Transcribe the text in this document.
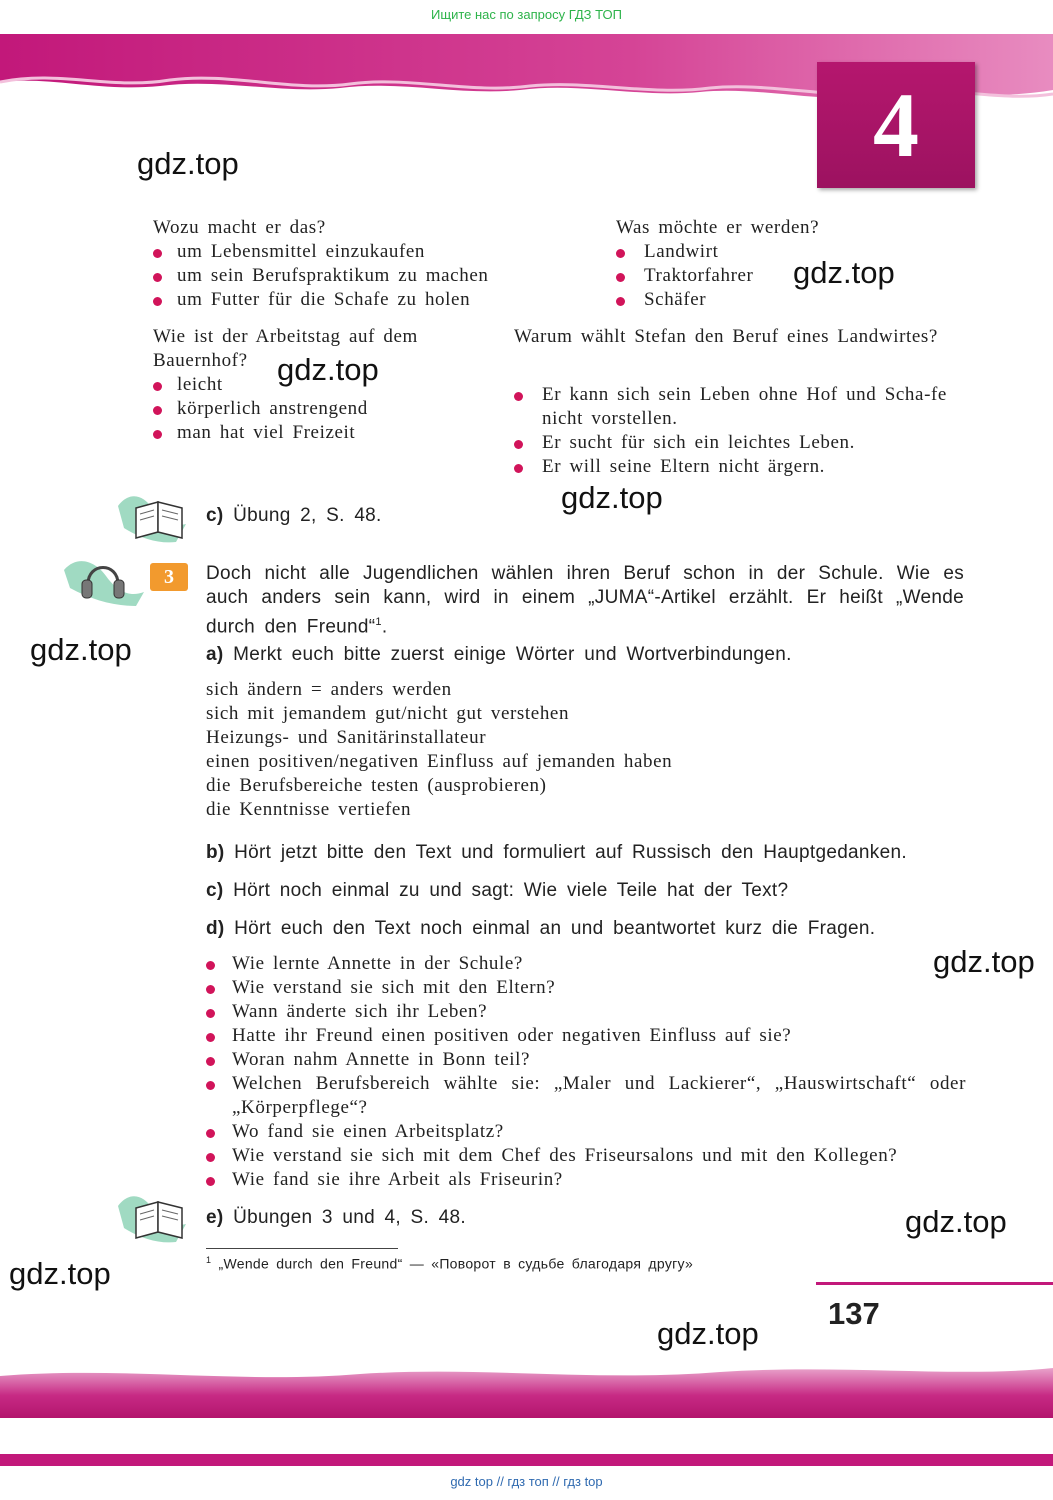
Ищите нас по запросу ГДЗ ТОП
4
gdz.top
gdz.top
gdz.top
gdz.top
gdz.top
gdz.top
gdz.top
gdz.top
gdz.top
Wozu macht er das?
um Lebensmittel einzukaufen
um sein Berufspraktikum zu machen
um Futter für die Schafe zu holen
Was möchte er werden?
Landwirt
Traktorfahrer
Schäfer
Wie ist der Arbeitstag auf dem
Bauernhof?
leicht
körperlich anstrengend
man hat viel Freizeit
Warum wählt Stefan den Beruf eines Landwirtes?
Er kann sich sein Leben ohne Hof und Scha-fe nicht vorstellen.
Er sucht für sich ein leichtes Leben.
Er will seine Eltern nicht ärgern.
c) Übung 2, S. 48.
3	Doch nicht alle Jugendlichen wählen ihren Beruf schon in der Schule. Wie es auch anders sein kann, wird in einem „JUMA“-Artikel erzählt. Er heißt „Wende durch den Freund“$^1$.
a) Merkt euch bitte zuerst einige Wörter und Wortverbindungen.
sich ändern = anders werden
sich mit jemandem gut/nicht gut verstehen
Heizungs- und Sanitärinstallateur
einen positiven/negativen Einfluss auf jemanden haben
die Berufsbereiche testen (ausprobieren)
die Kenntnisse vertiefen
b) Hört jetzt bitte den Text und formuliert auf Russisch den Hauptgedanken.
c) Hört noch einmal zu und sagt: Wie viele Teile hat der Text?
d) Hört euch den Text noch einmal an und beantwortet kurz die Fragen.
Wie lernte Annette in der Schule?
Wie verstand sie sich mit den Eltern?
Wann änderte sich ihr Leben?
Hatte ihr Freund einen positiven oder negativen Einfluss auf sie?
Woran nahm Annette in Bonn teil?
Welchen Berufsbereich wählte sie: „Maler und Lackierer“, „Hauswirtschaft“ oder „Körperpflege“?
Wo fand sie einen Arbeitsplatz?
Wie verstand sie sich mit dem Chef des Friseursalons und mit den Kollegen?
Wie fand sie ihre Arbeit als Friseurin?
e) Übungen 3 und 4, S. 48.
$^1$ „Wende durch den Freund“ — «Поворот в судьбе благодаря другу»
137
gdz top // гдз топ // гдз top
